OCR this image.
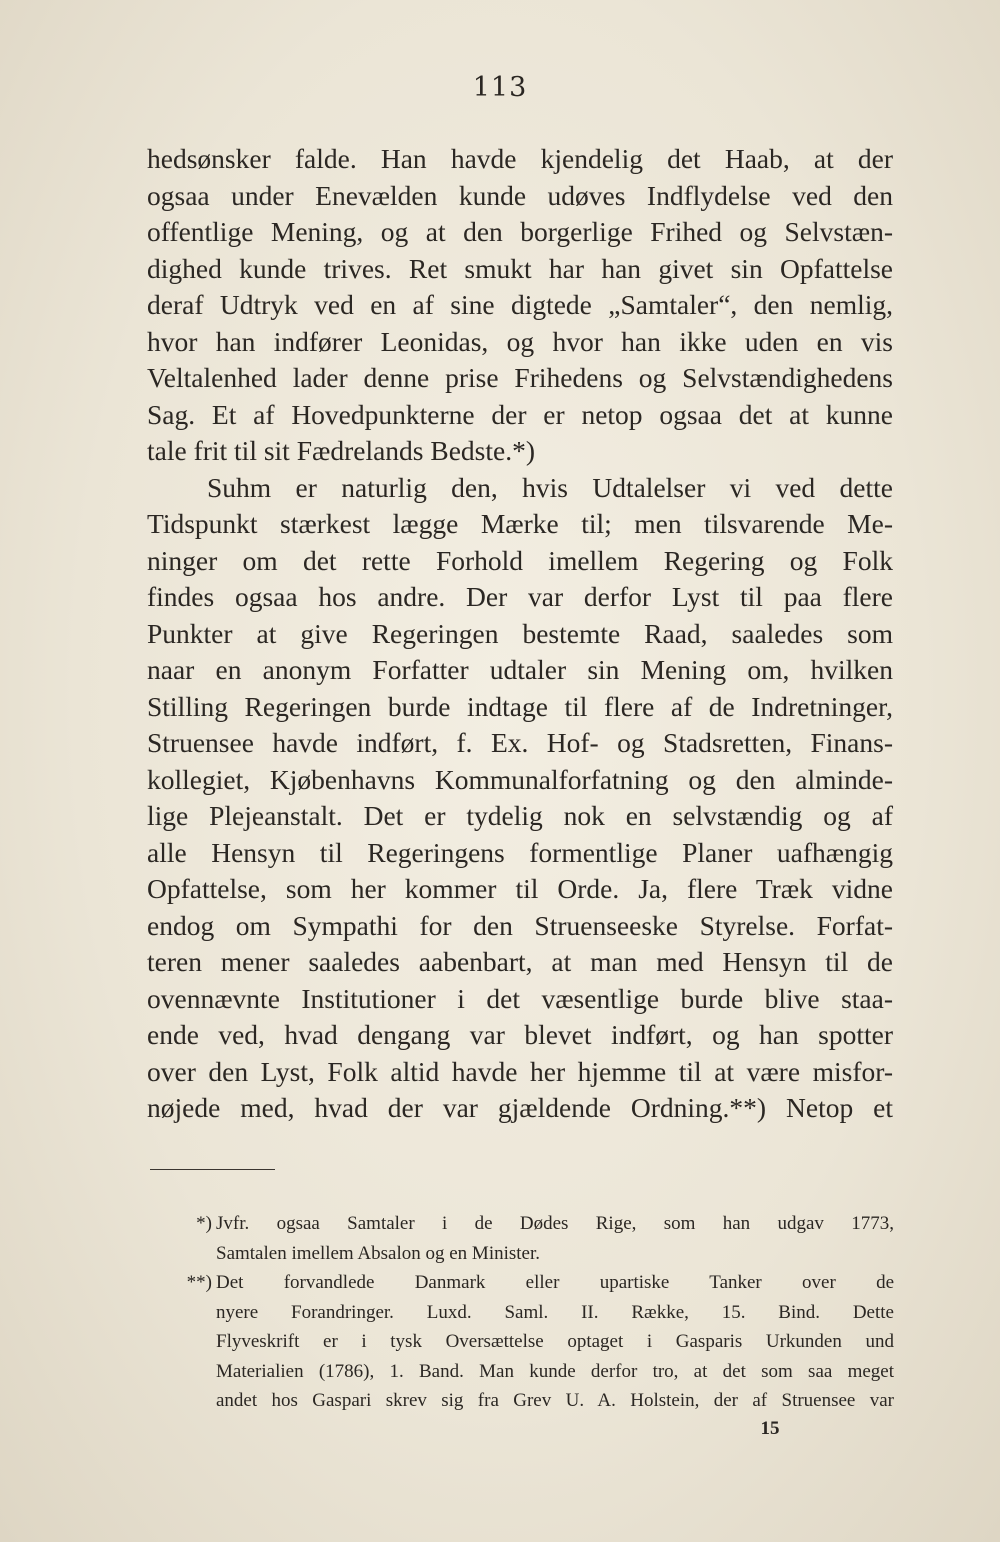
113
hedsønsker falde. Han havde kjendelig det Haab, at der
ogsaa under Enevælden kunde udøves Indflydelse ved den
offentlige Mening, og at den borgerlige Frihed og Selvstæn-
dighed kunde trives. Ret smukt har han givet sin Opfattelse
deraf Udtryk ved en af sine digtede „Samtaler“, den nemlig,
hvor han indfører Leonidas, og hvor han ikke uden en vis
Veltalenhed lader denne prise Frihedens og Selvstændighedens
Sag. Et af Hovedpunkterne der er netop ogsaa det at kunne
tale frit til sit Fædrelands Bedste.*)
Suhm er naturlig den, hvis Udtalelser vi ved dette
Tidspunkt stærkest lægge Mærke til; men tilsvarende Me-
ninger om det rette Forhold imellem Regering og Folk
findes ogsaa hos andre. Der var derfor Lyst til paa flere
Punkter at give Regeringen bestemte Raad, saaledes som
naar en anonym Forfatter udtaler sin Mening om, hvilken
Stilling Regeringen burde indtage til flere af de Indretninger,
Struensee havde indført, f. Ex. Hof- og Stadsretten, Finans-
kollegiet, Kjøbenhavns Kommunalforfatning og den alminde-
lige Plejeanstalt. Det er tydelig nok en selvstændig og af
alle Hensyn til Regeringens formentlige Planer uafhængig
Opfattelse, som her kommer til Orde. Ja, flere Træk vidne
endog om Sympathi for den Struenseeske Styrelse. Forfat-
teren mener saaledes aabenbart, at man med Hensyn til de
ovennævnte Institutioner i det væsentlige burde blive staa-
ende ved, hvad dengang var blevet indført, og han spotter
over den Lyst, Folk altid havde her hjemme til at være misfor-
nøjede med, hvad der var gjældende Ordning.**) Netop et
*) Jvfr. ogsaa Samtaler i de Dødes Rige, som han udgav 1773,
Samtalen imellem Absalon og en Minister.
**) Det forvandlede Danmark eller upartiske Tanker over de
nyere Forandringer. Luxd. Saml. II. Række, 15. Bind. Dette
Flyveskrift er i tysk Oversættelse optaget i Gasparis Urkunden und
Materialien (1786), 1. Band. Man kunde derfor tro, at det som saa meget
andet hos Gaspari skrev sig fra Grev U. A. Holstein, der af Struensee var
15
